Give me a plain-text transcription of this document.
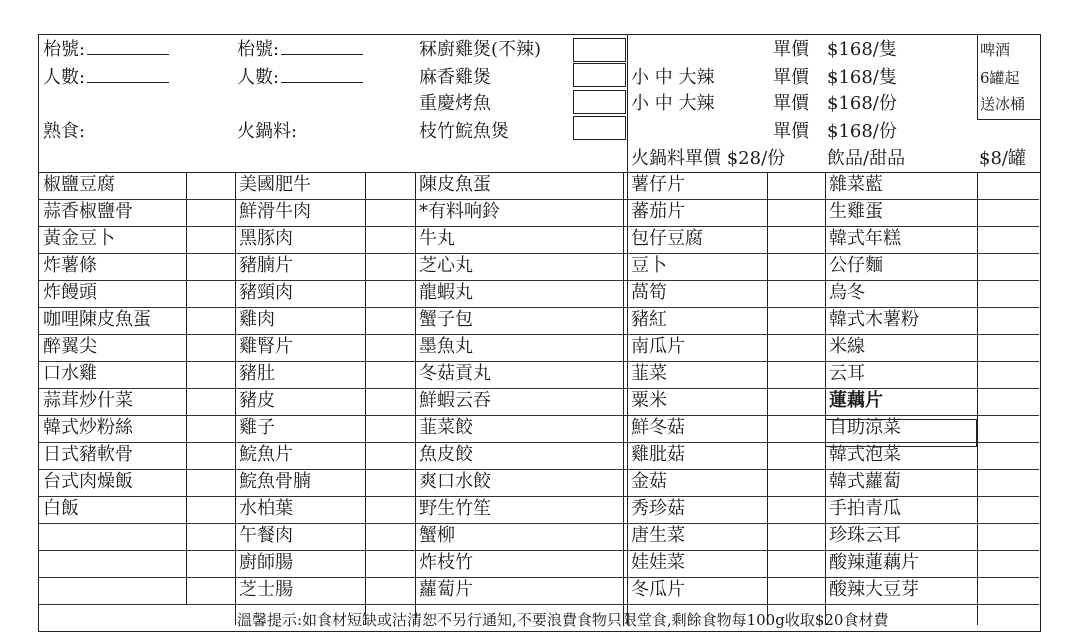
枱號:
人數:
熟食:
枱號:
人數:
火鍋料:
冧廚雞煲(不辣)
麻香雞煲
重慶烤魚
枝竹鯇魚煲
小 中 大辣
小 中 大辣
單價
單價
單價
單價
$168/隻
$168/隻
$168/份
$168/份
啤酒
6罐起
送冰桶
火鍋料單價 $28/份 飲品/甜品	$8/罐
椒鹽豆腐
蒜香椒鹽骨
黃金豆卜
炸薯條
炸饅頭
咖哩陳皮魚蛋
醉翼尖
口水雞
蒜茸炒什菜
韓式炒粉絲
日式豬軟骨
台式肉燥飯
白飯
美國肥牛
鮮滑牛肉
黑豚肉
豬腩片
豬頸肉
雞肉
雞腎片
豬肚
豬皮
雞子
鯇魚片
鯇魚骨腩
水柏葉
午餐肉
廚師腸
芝士腸
陳皮魚蛋
*有料响鈴
牛丸
芝心丸
龍蝦丸
蟹子包
墨魚丸
冬菇貢丸
鮮蝦云吞
韮菜餃
魚皮餃
爽口水餃
野生竹笙
蟹柳
炸枝竹
蘿蔔片
薯仔片
蕃茄片
包仔豆腐
豆卜
萵筍
豬紅
南瓜片
韮菜
粟米
鮮冬菇
雞肶菇
金菇
秀珍菇
唐生菜
娃娃菜
冬瓜片
雜菜藍
生雞蛋
韓式年糕
公仔麵
烏冬
韓式木薯粉
米線
云耳
蓮藕片
自助涼菜
韓式泡菜
韓式蘿蔔
手拍青瓜
珍珠云耳
酸辣蓮藕片
酸辣大豆芽
溫馨提示:如食材短缺或沽清恕不另行通知,不要浪費食物只限堂食,剩餘食物每100g收取$20食材費
